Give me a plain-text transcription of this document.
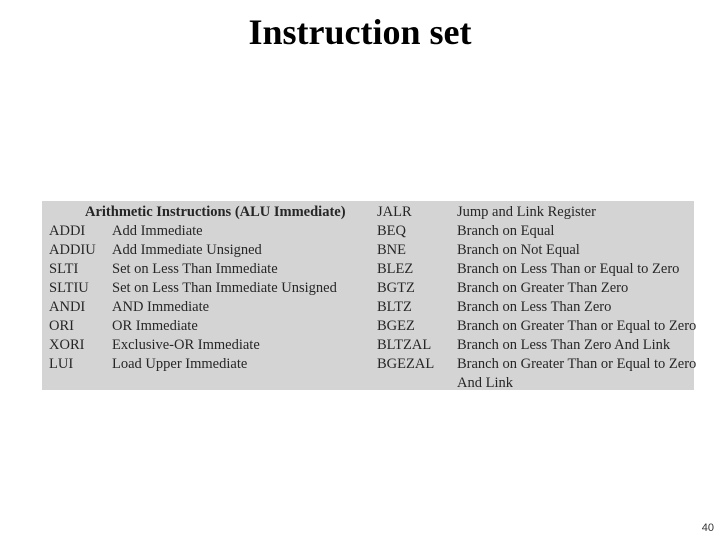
Instruction set
Arithmetic Instructions (ALU Immediate)
ADDI
ADDIU
SLTI
SLTIU
ANDI
ORI
XORI
LUI
Add Immediate
Add Immediate Unsigned
Set on Less Than Immediate
Set on Less Than Immediate Unsigned
AND Immediate
OR Immediate
Exclusive-OR Immediate
Load Upper Immediate
JALR
BEQ
BNE
BLEZ
BGTZ
BLTZ
BGEZ
BLTZAL
BGEZAL
Jump and Link Register
Branch on Equal
Branch on Not Equal
Branch on Less Than or Equal to Zero
Branch on Greater Than Zero
Branch on Less Than Zero
Branch on Greater Than or Equal to Zero
Branch on Less Than Zero And Link
Branch on Greater Than or Equal to Zero
And Link
40
